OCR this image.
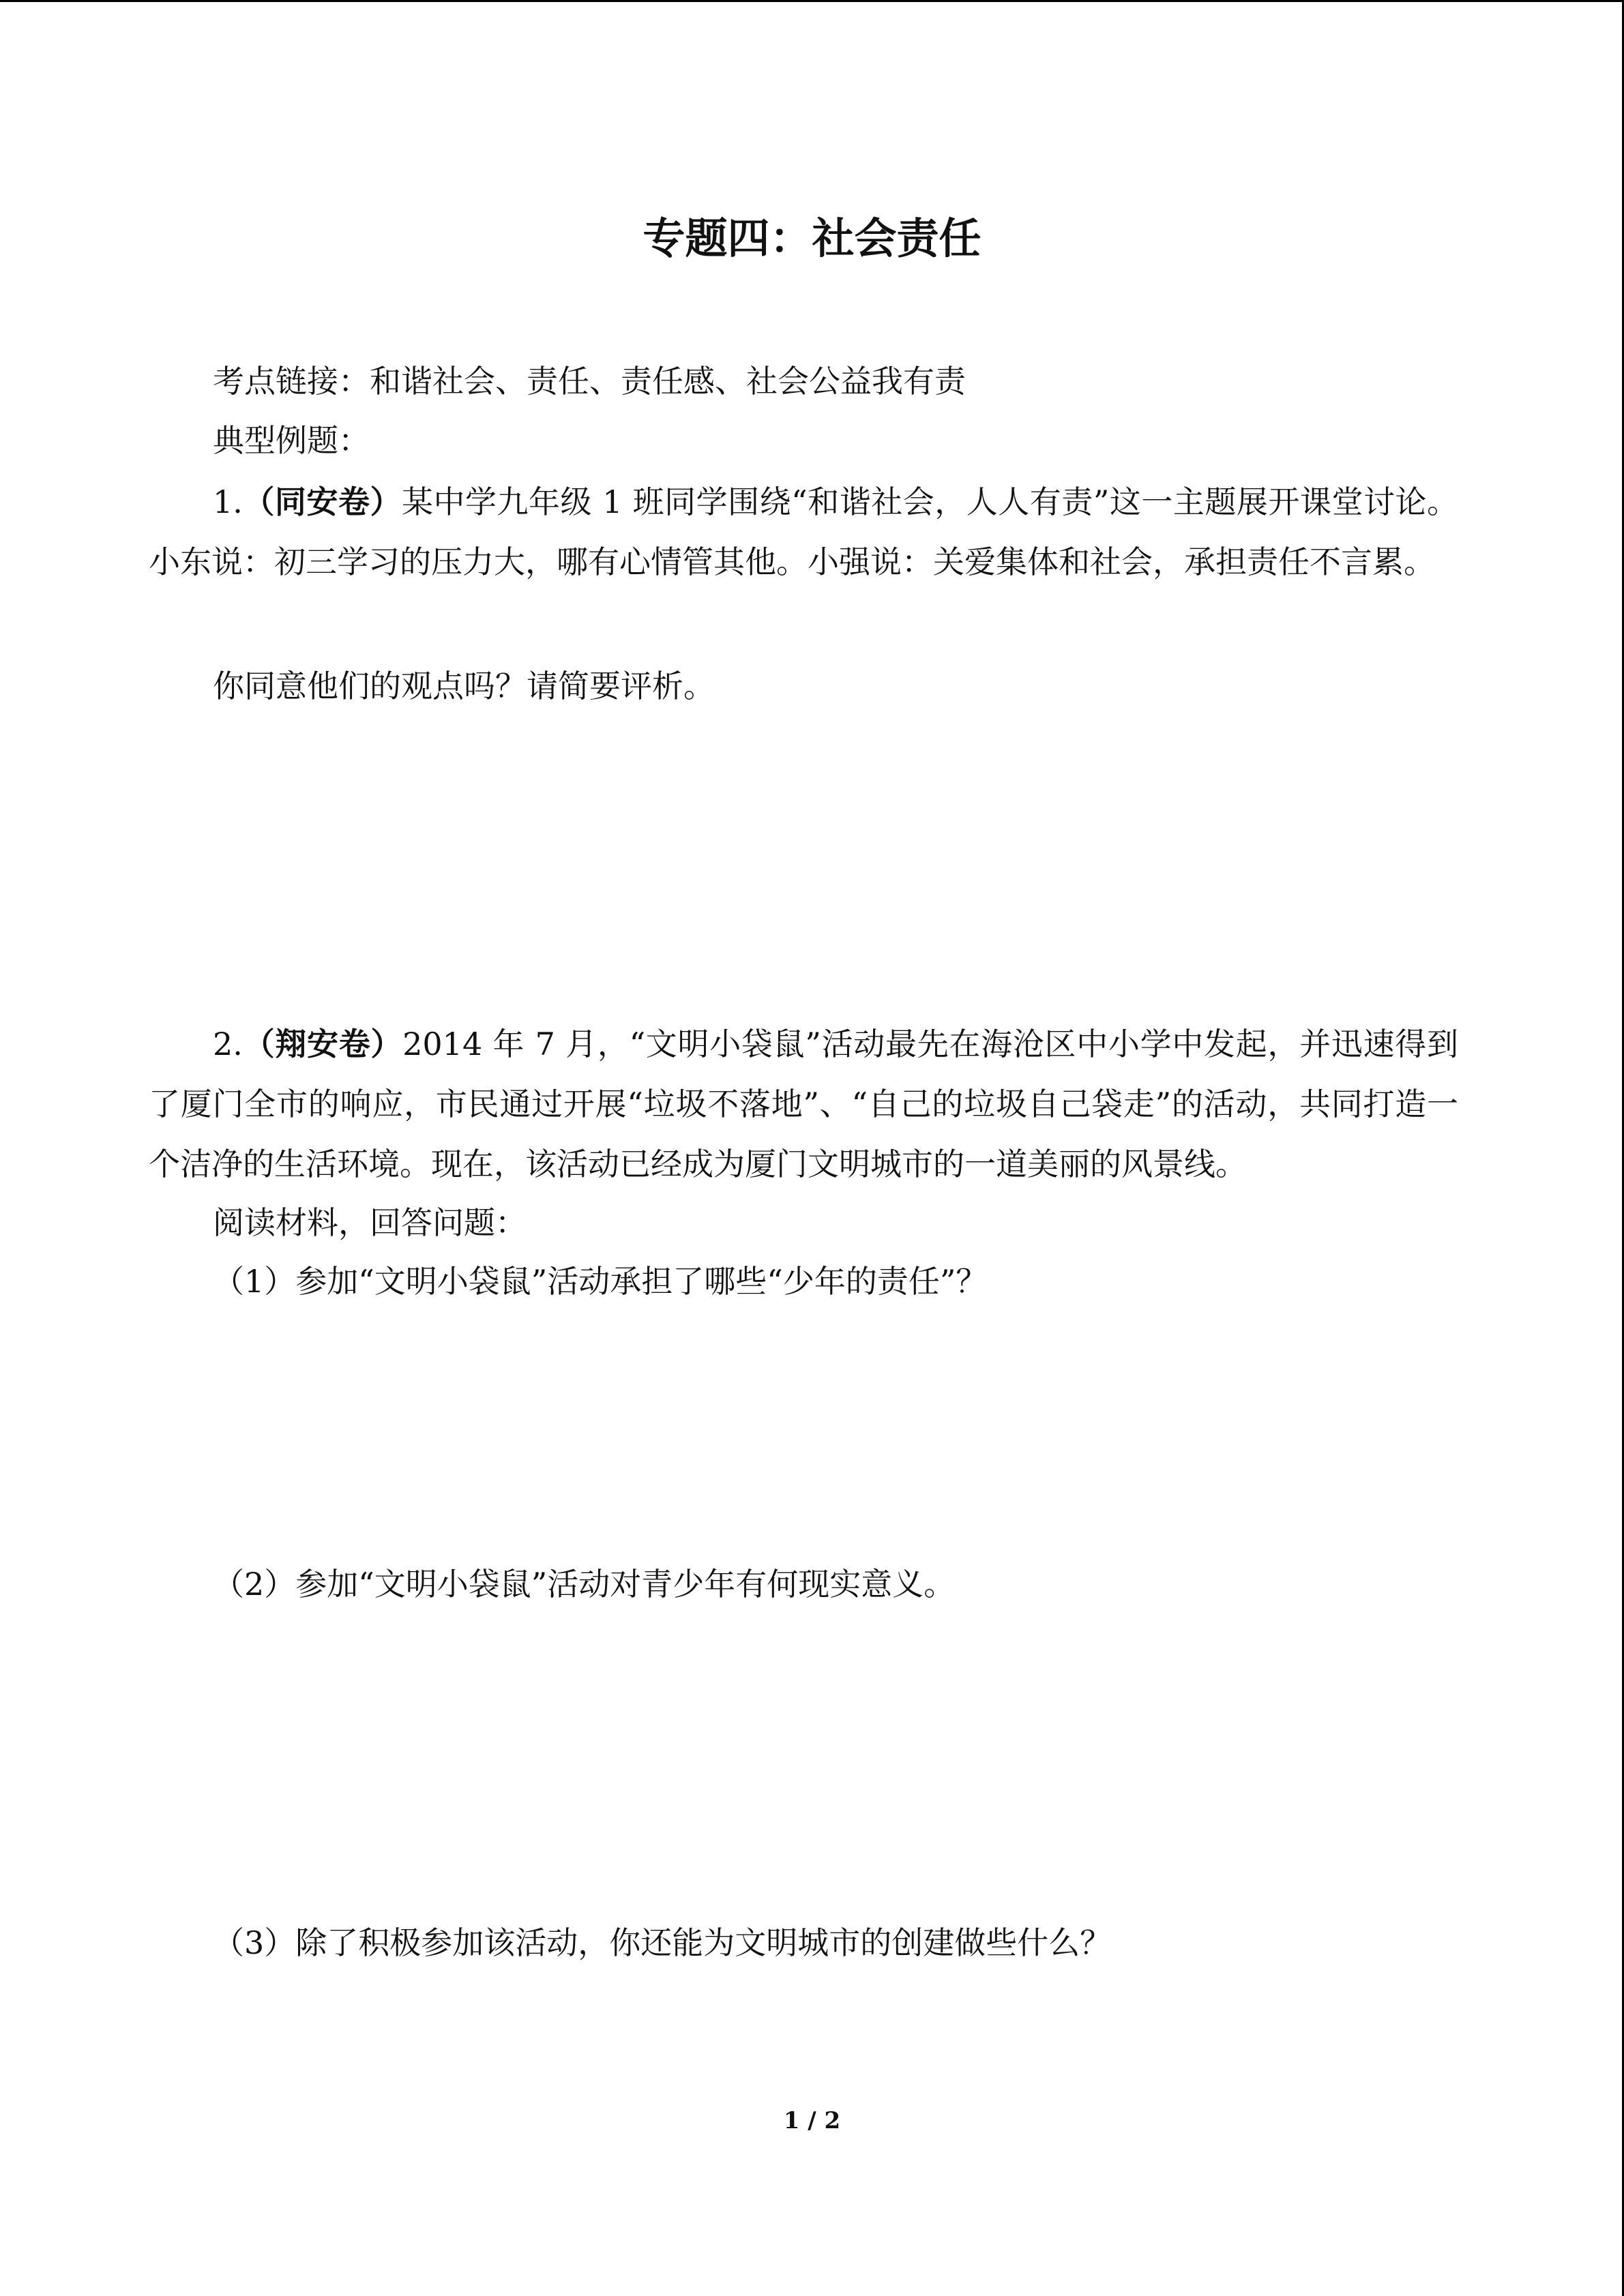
专题四：社会责任
考点链接：和谐社会、责任、责任感、社会公益我有责
典型例题：
1.（同安卷）某中学九年级 1 班同学围绕“和谐社会，人人有责”这一主题展开课堂讨论。小东说：初三学习的压力大，哪有心情管其他。小强说：关爱集体和社会，承担责任不言累。
你同意他们的观点吗？请简要评析。
2.（翔安卷）2014 年 7 月，“文明小袋鼠”活动最先在海沧区中小学中发起，并迅速得到了厦门全市的响应，市民通过开展“垃圾不落地”、“自己的垃圾自己袋走”的活动，共同打造一个洁净的生活环境。现在，该活动已经成为厦门文明城市的一道美丽的风景线。
阅读材料，回答问题：
（1）参加“文明小袋鼠”活动承担了哪些“少年的责任”？
（2）参加“文明小袋鼠”活动对青少年有何现实意义。
（3）除了积极参加该活动，你还能为文明城市的创建做些什么？
1 / 2
